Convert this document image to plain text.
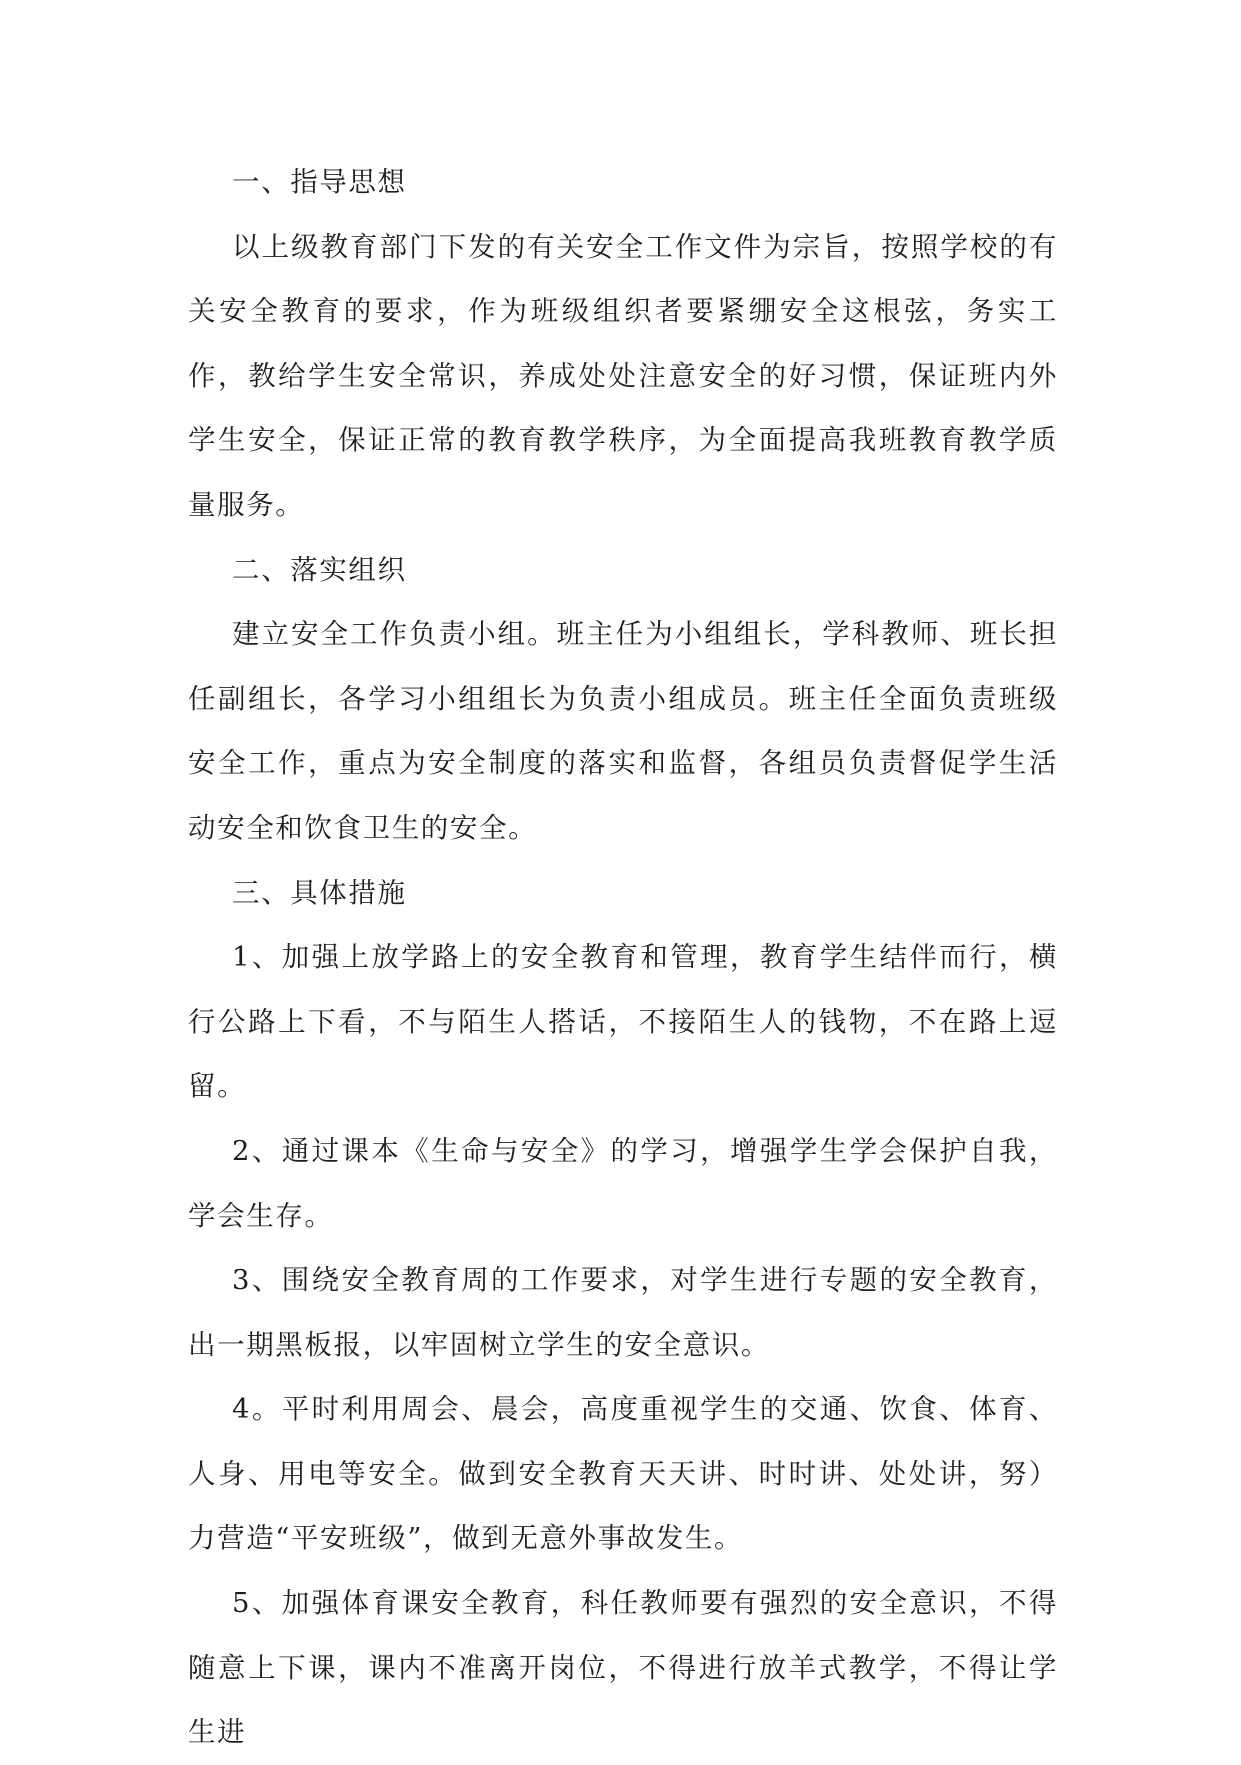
一、指导思想

以上级教育部门下发的有关安全工作文件为宗旨，按照学校的有关安全教育的要求，作为班级组织者要紧绷安全这根弦，务实工作，教给学生安全常识，养成处处注意安全的好习惯，保证班内外学生安全，保证正常的教育教学秩序，为全面提高我班教育教学质量服务。

二、落实组织

建立安全工作负责小组。班主任为小组组长，学科教师、班长担任副组长，各学习小组组长为负责小组成员。班主任全面负责班级安全工作，重点为安全制度的落实和监督，各组员负责督促学生活动安全和饮食卫生的安全。

三、具体措施

1、加强上放学路上的安全教育和管理，教育学生结伴而行，横行公路上下看，不与陌生人搭话，不接陌生人的钱物，不在路上逗留。

2、通过课本《生命与安全》的学习，增强学生学会保护自我，学会生存。

3、围绕安全教育周的工作要求，对学生进行专题的安全教育，出一期黑板报，以牢固树立学生的安全意识。

4。平时利用周会、晨会，高度重视学生的交通、饮食、体育、人身、用电等安全。做到安全教育天天讲、时时讲、处处讲，努）力营造“平安班级”，做到无意外事故发生。

5、加强体育课安全教育，科任教师要有强烈的安全意识，不得随意上下课，课内不准离开岗位，不得进行放羊式教学，不得让学生进
